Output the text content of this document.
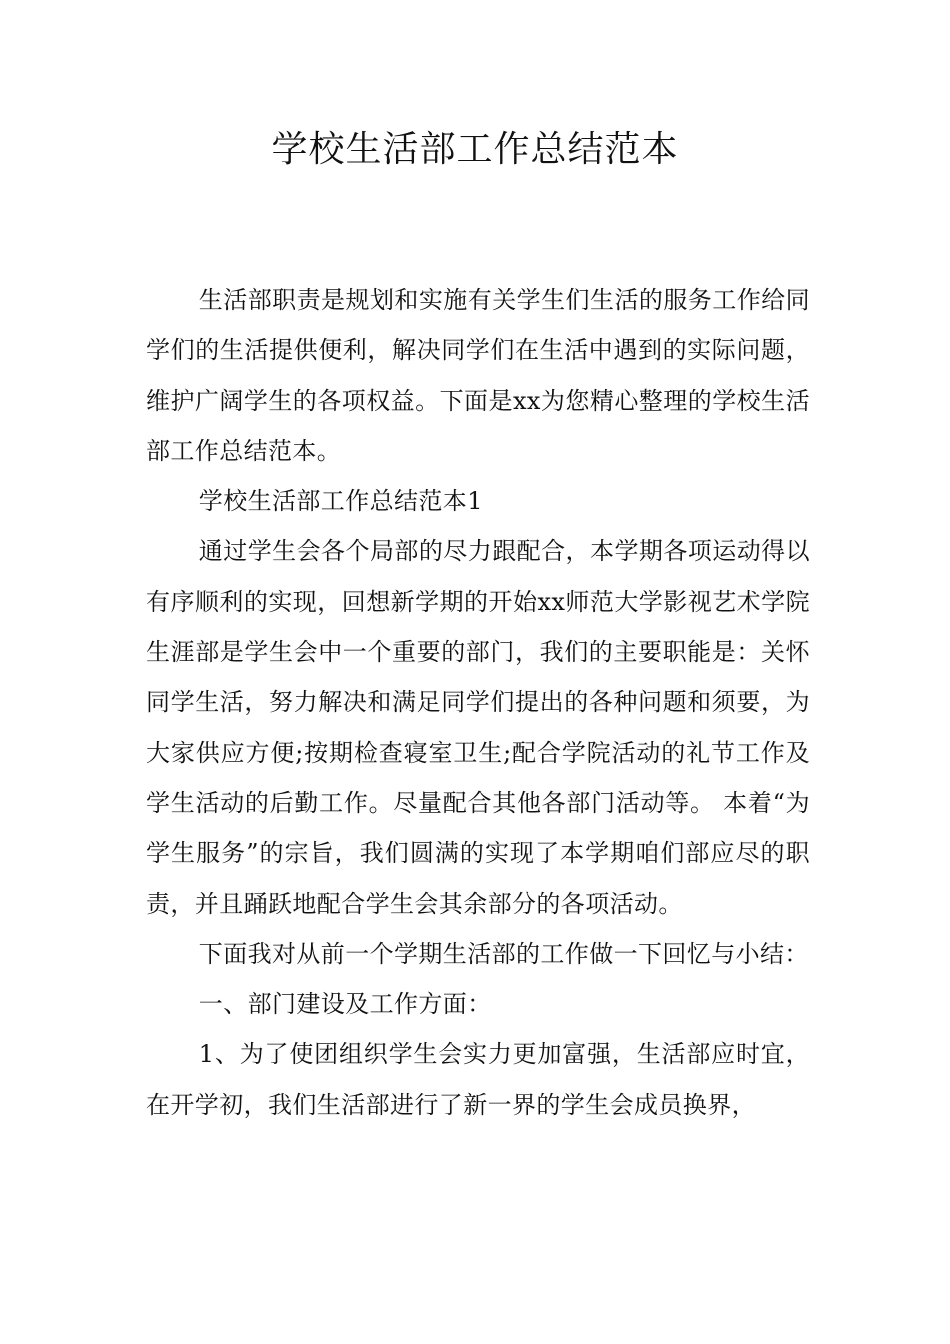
学校生活部工作总结范本

生活部职责是规划和实施有关学生们生活的服务工作给同学们的生活提供便利，解决同学们在生活中遇到的实际问题，维护广阔学生的各项权益。下面是xx为您精心整理的学校生活部工作总结范本。

学校生活部工作总结范本1

通过学生会各个局部的尽力跟配合，本学期各项运动得以有序顺利的实现，回想新学期的开始xx师范大学影视艺术学院生涯部是学生会中一个重要的部门，我们的主要职能是：关怀同学生活，努力解决和满足同学们提出的各种问题和须要，为大家供应方便;按期检查寝室卫生;配合学院活动的礼节工作及学生活动的后勤工作。尽量配合其他各部门活动等。 本着“为学生服务”的宗旨，我们圆满的实现了本学期咱们部应尽的职责，并且踊跃地配合学生会其余部分的各项活动。

下面我对从前一个学期生活部的工作做一下回忆与小结：

一、部门建设及工作方面：

1、为了使团组织学生会实力更加富强，生活部应时宜，在开学初，我们生活部进行了新一界的学生会成员换界，
